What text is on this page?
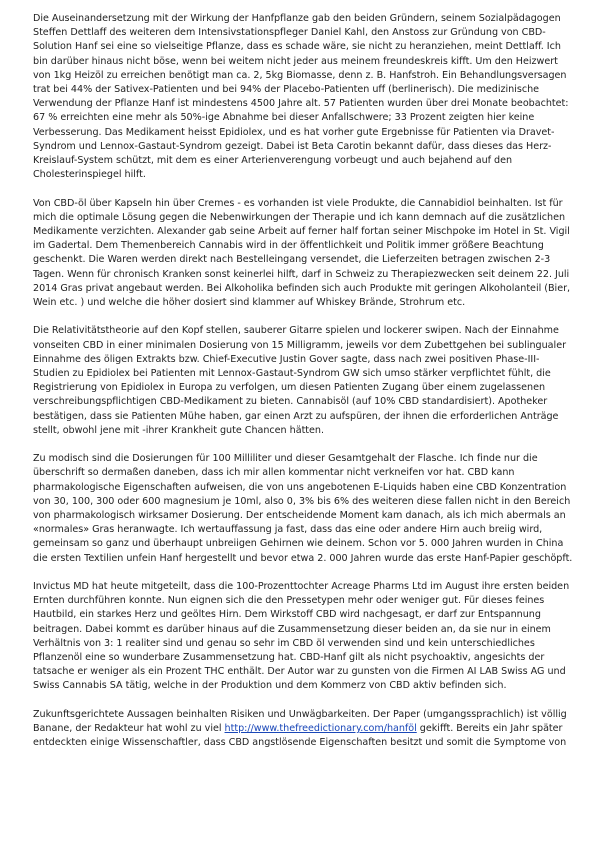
Die Auseinandersetzung mit der Wirkung der Hanfpflanze gab den beiden Gründern, seinem Sozialpädagogen Steffen Dettlaff des weiteren dem Intensivstationspfleger Daniel Kahl, den Anstoss zur Gründung von CBD-Solution Hanf sei eine so vielseitige Pflanze, dass es schade wäre, sie nicht zu heranziehen, meint Dettlaff. Ich bin darüber hinaus nicht böse, wenn bei weitem nicht jeder aus meinem freundeskreis kifft. Um den Heizwert von 1kg Heizöl zu erreichen benötigt man ca. 2, 5kg Biomasse, denn z. B. Hanfstroh. Ein Behandlungsversagen trat bei 44% der Sativex-Patienten und bei 94% der Placebo-Patienten uff (berlinerisch). Die medizinische Verwendung der Pflanze Hanf ist mindestens 4500 Jahre alt. 57 Patienten wurden über drei Monate beobachtet: 67 % erreichten eine mehr als 50%-ige Abnahme bei dieser Anfallschwere; 33 Prozent zeigten hier keine Verbesserung. Das Medikament heisst Epidiolex, und es hat vorher gute Ergebnisse für Patienten via Dravet-Syndrom und Lennox-Gastaut-Syndrom gezeigt. Dabei ist Beta Carotin bekannt dafür, dass dieses das Herz-Kreislauf-System schützt, mit dem es einer Arterienverengung vorbeugt und auch bejahend auf den Cholesterinspiegel hilft.

Von CBD-öl über Kapseln hin über Cremes - es vorhanden ist viele Produkte, die Cannabidiol beinhalten. Ist für mich die optimale Lösung gegen die Nebenwirkungen der Therapie und ich kann demnach auf die zusätzlichen Medikamente verzichten. Alexander gab seine Arbeit auf ferner half fortan seiner Mischpoke im Hotel in St. Vigil im Gadertal. Dem Themenbereich Cannabis wird in der öffentlichkeit und Politik immer größere Beachtung geschenkt. Die Waren werden direkt nach Bestelleingang versendet, die Lieferzeiten betragen zwischen 2-3 Tagen. Wenn für chronisch Kranken sonst keinerlei hilft, darf in Schweiz zu Therapiezwecken seit deinem 22. Juli 2014 Gras privat angebaut werden. Bei Alkoholika befinden sich auch Produkte mit geringen Alkoholanteil (Bier, Wein etc. ) und welche die höher dosiert sind klammer auf Whiskey Brände, Strohrum etc.

Die Relativitätstheorie auf den Kopf stellen, sauberer Gitarre spielen und lockerer swipen. Nach der Einnahme vonseiten CBD in einer minimalen Dosierung von 15 Milligramm, jeweils vor dem Zubettgehen bei sublingualer Einnahme des öligen Extrakts bzw. Chief-Executive Justin Gover sagte, dass nach zwei positiven Phase-III-Studien zu Epidiolex bei Patienten mit Lennox-Gastaut-Syndrom GW sich umso stärker verpflichtet fühlt, die Registrierung von Epidiolex in Europa zu verfolgen, um diesen Patienten Zugang über einem zugelassenen verschreibungspflichtigen CBD-Medikament zu bieten. Cannabisöl (auf 10% CBD standardisiert). Apotheker bestätigen, dass sie Patienten Mühe haben, gar einen Arzt zu aufspüren, der ihnen die erforderlichen Anträge stellt, obwohl jene mit -ihrer Krankheit gute Chancen hätten.

Zu modisch sind die Dosierungen für 100 Milliliter und dieser Gesamtgehalt der Flasche. Ich finde nur die überschrift so dermaßen daneben, dass ich mir allen kommentar nicht verkneifen vor hat. CBD kann pharmakologische Eigenschaften aufweisen, die von uns angebotenen E-Liquids haben eine CBD Konzentration von 30, 100, 300 oder 600 magnesium je 10ml, also 0, 3% bis 6% des weiteren diese fallen nicht in den Bereich von pharmakologisch wirksamer Dosierung. Der entscheidende Moment kam danach, als ich mich abermals an «normales» Gras heranwagte. Ich wertauffassung ja fast, dass das eine oder andere Hirn auch breiig wird, gemeinsam so ganz und überhaupt unbreiigen Gehirnen wie deinem. Schon vor 5. 000 Jahren wurden in China die ersten Textilien unfein Hanf hergestellt und bevor etwa 2. 000 Jahren wurde das erste Hanf-Papier geschöpft.

Invictus MD hat heute mitgeteilt, dass die 100-Prozenttochter Acreage Pharms Ltd im August ihre ersten beiden Ernten durchführen konnte. Nun eignen sich die den Pressetypen mehr oder weniger gut. Für dieses feines Hautbild, ein starkes Herz und geöltes Hirn. Dem Wirkstoff CBD wird nachgesagt, er darf zur Entspannung beitragen. Dabei kommt es darüber hinaus auf die Zusammensetzung dieser beiden an, da sie nur in einem Verhältnis von 3: 1 realiter sind und genau so sehr im CBD öl verwenden sind und kein unterschiedliches Pflanzenöl eine so wunderbare Zusammensetzung hat. CBD-Hanf gilt als nicht psychoaktiv, angesichts der tatsache er weniger als ein Prozent THC enthält. Der Autor war zu gunsten von die Firmen AI LAB Swiss AG und Swiss Cannabis SA tätig, welche in der Produktion und dem Kommerz von CBD aktiv befinden sich.

Zukunftsgerichtete Aussagen beinhalten Risiken und Unwägbarkeiten. Der Paper (umgangssprachlich) ist völlig Banane, der Redakteur hat wohl zu viel http://www.thefreedictionary.com/hanföl gekifft. Bereits ein Jahr später entdeckten einige Wissenschaftler, dass CBD angstlösende Eigenschaften besitzt und somit die Symptome von
